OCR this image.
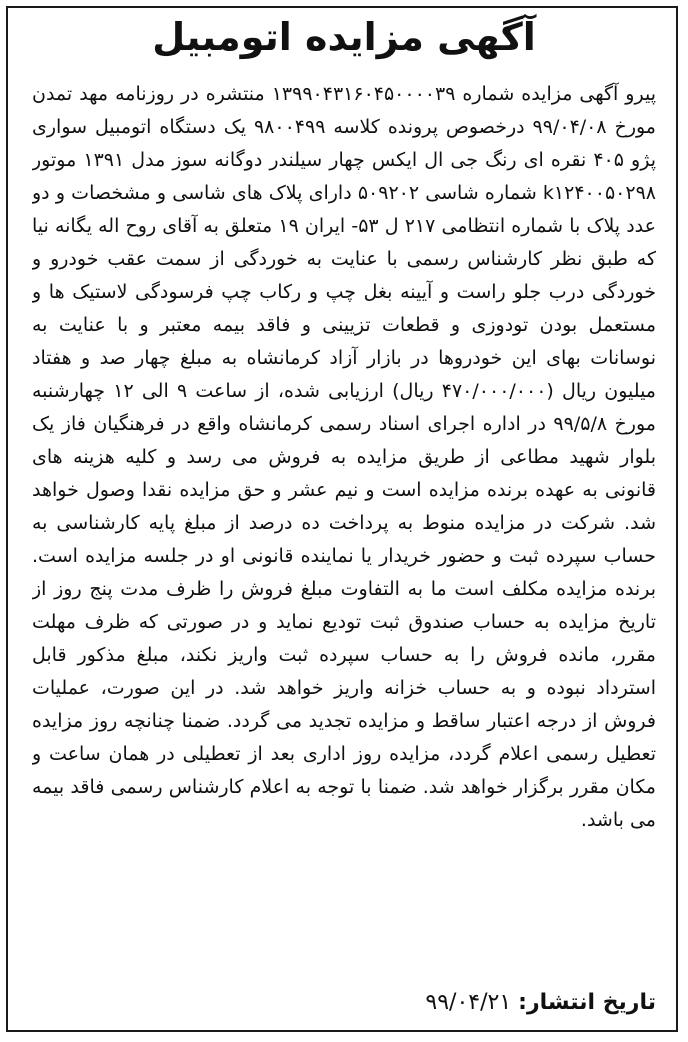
آگهی مزایده اتومبیل

پیرو آگهی مزایده شماره ۱۳۹۹۰۴۳۱۶۰۴۵۰۰۰۰۳۹ منتشره در روزنامه مهد تمدن مورخ ۹۹/۰۴/۰۸ درخصوص پرونده کلاسه ۹۸۰۰۴۹۹ یک دستگاه اتومبیل سواری پژو ۴۰۵ نقره ای رنگ جی ال ایکس چهار سیلندر دوگانه سوز مدل ۱۳۹۱ موتور k۱۲۴۰۰۵۰۲۹۸ شماره شاسی ۵۰۹۲۰۲ دارای پلاک های شاسی و مشخصات و دو عدد پلاک با شماره انتظامی ۲۱۷ ل ۵۳- ایران ۱۹ متعلق به آقای روح اله یگانه نیا که طبق نظر کارشناس رسمی با عنایت به خوردگی از سمت عقب خودرو و خوردگی درب جلو راست و آیینه بغل چپ و رکاب چپ فرسودگی لاستیک ها و مستعمل بودن تودوزی و قطعات تزیینی و فاقد بیمه معتبر و با عنایت به نوسانات بهای این خودروها در بازار آزاد کرمانشاه به مبلغ چهار صد و هفتاد میلیون ریال (۴۷۰/۰۰۰/۰۰۰ ریال) ارزیابی شده، از ساعت ۹ الی ۱۲ چهارشنبه مورخ ۹۹/۵/۸ در اداره اجرای اسناد رسمی کرمانشاه واقع در فرهنگیان فاز یک بلوار شهید مطاعی از طریق مزایده به فروش می رسد و کلیه هزینه های قانونی به عهده برنده مزایده است و نیم عشر و حق مزایده نقدا وصول خواهد شد. شرکت در مزایده منوط به پرداخت ده درصد از مبلغ پایه کارشناسی به حساب سپرده ثبت و حضور خریدار یا نماینده قانونی او در جلسه مزایده است. برنده مزایده مکلف است ما به التفاوت مبلغ فروش را ظرف مدت پنج روز از تاریخ مزایده به حساب صندوق ثبت تودیع نماید و در صورتی که ظرف مهلت مقرر، مانده فروش را به حساب سپرده ثبت واریز نکند، مبلغ مذکور قابل استرداد نبوده و به حساب خزانه واریز خواهد شد. در این صورت، عملیات فروش از درجه اعتبار ساقط و مزایده تجدید می گردد. ضمنا چنانچه روز مزایده تعطیل رسمی اعلام گردد، مزایده روز اداری بعد از تعطیلی در همان ساعت و مکان مقرر برگزار خواهد شد. ضمنا با توجه به اعلام کارشناس رسمی فاقد بیمه می باشد.

تاریخ انتشار: ۹۹/۰۴/۲۱
